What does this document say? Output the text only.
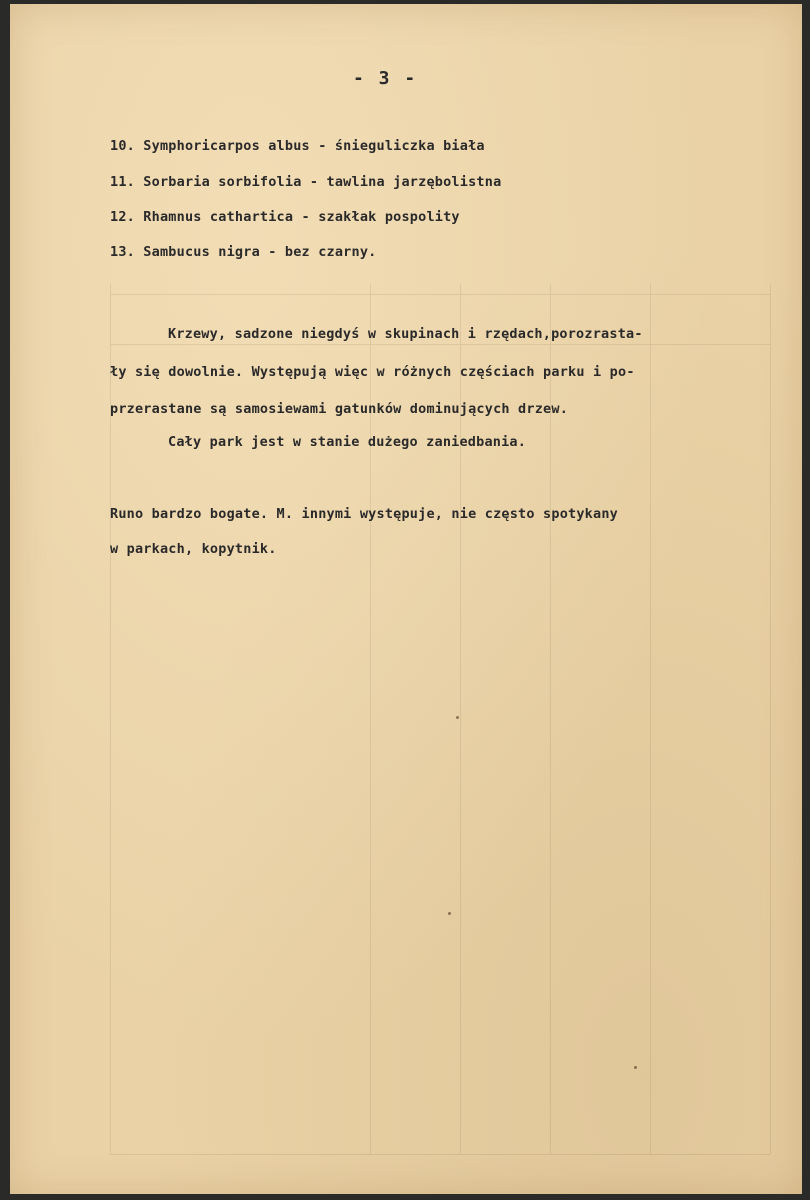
- 3 -
10. Symphoricarpos albus - śnieguliczka biała
11. Sorbaria sorbifolia - tawlina jarzębolistna
12. Rhamnus cathartica - szakłak pospolity
13. Sambucus nigra - bez czarny.
Krzewy, sadzone niegdyś w skupinach i rzędach,porozrasta-
ły się dowolnie. Występują więc w różnych częściach parku i po-
przerastane są samosiewami gatunków dominujących drzew.
Cały park jest w stanie dużego zaniedbania.
Runo bardzo bogate. M. innymi występuje, nie często spotykany
w parkach, kopytnik.
